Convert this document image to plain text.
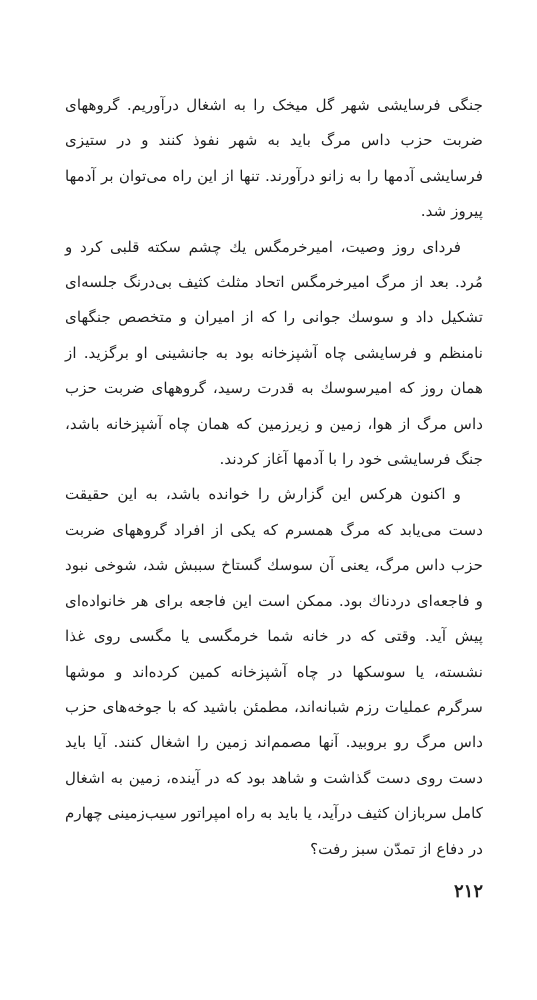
جنگی فرسایشی شهر گل میخک را به اشغال درآوریم. گروههای ضربت حزب داس مرگ باید به شهر نفوذ کنند و در ستیزی فرسایشی آدمها را به زانو درآورند. تنها از این راه می‌توان بر آدمها پیروز شد.

فردای روز وصیت، امیرخرمگس یك چشم سکته قلبی کرد و مُرد. بعد از مرگ امیرخرمگس اتحاد مثلث کثیف بی‌درنگ جلسه‌ای تشکیل داد و سوسك جوانی را که از امیران و متخصص جنگهای نامنظم و فرسایشی چاه آشپزخانه بود به جانشینی او برگزید. از همان روز که امیرسوسك به قدرت رسید، گروههای ضربت حزب داس مرگ از هوا، زمین و زیرزمین که همان چاه آشپزخانه باشد، جنگ فرسایشی خود را با آدمها آغاز کردند.

و اکنون هرکس این گزارش را خوانده باشد، به این حقیقت دست می‌یابد که مرگ همسرم که یکی از افراد گروههای ضربت حزب داس مرگ، یعنی آن سوسك گستاخ سببش شد، شوخی نبود و فاجعه‌ای دردناك بود. ممکن است این فاجعه برای هر خانواده‌ای پیش آید. وقتی که در خانه شما خرمگسی یا مگسی روی غذا نشسته، یا سوسکها در چاه آشپزخانه کمین کرده‌اند و موشها سرگرم عملیات رزم شبانه‌اند، مطمئن باشید که با جوخه‌های حزب داس مرگ رو بروبید. آنها مصمم‌اند زمین را اشغال کنند. آیا باید دست روی دست گذاشت و شاهد بود که در آینده، زمین به اشغال کامل سربازان کثیف درآید، یا باید به راه امپراتور سیب‌زمینی چهارم در دفاع از تمدّن سبز رفت؟

۲۱۲
